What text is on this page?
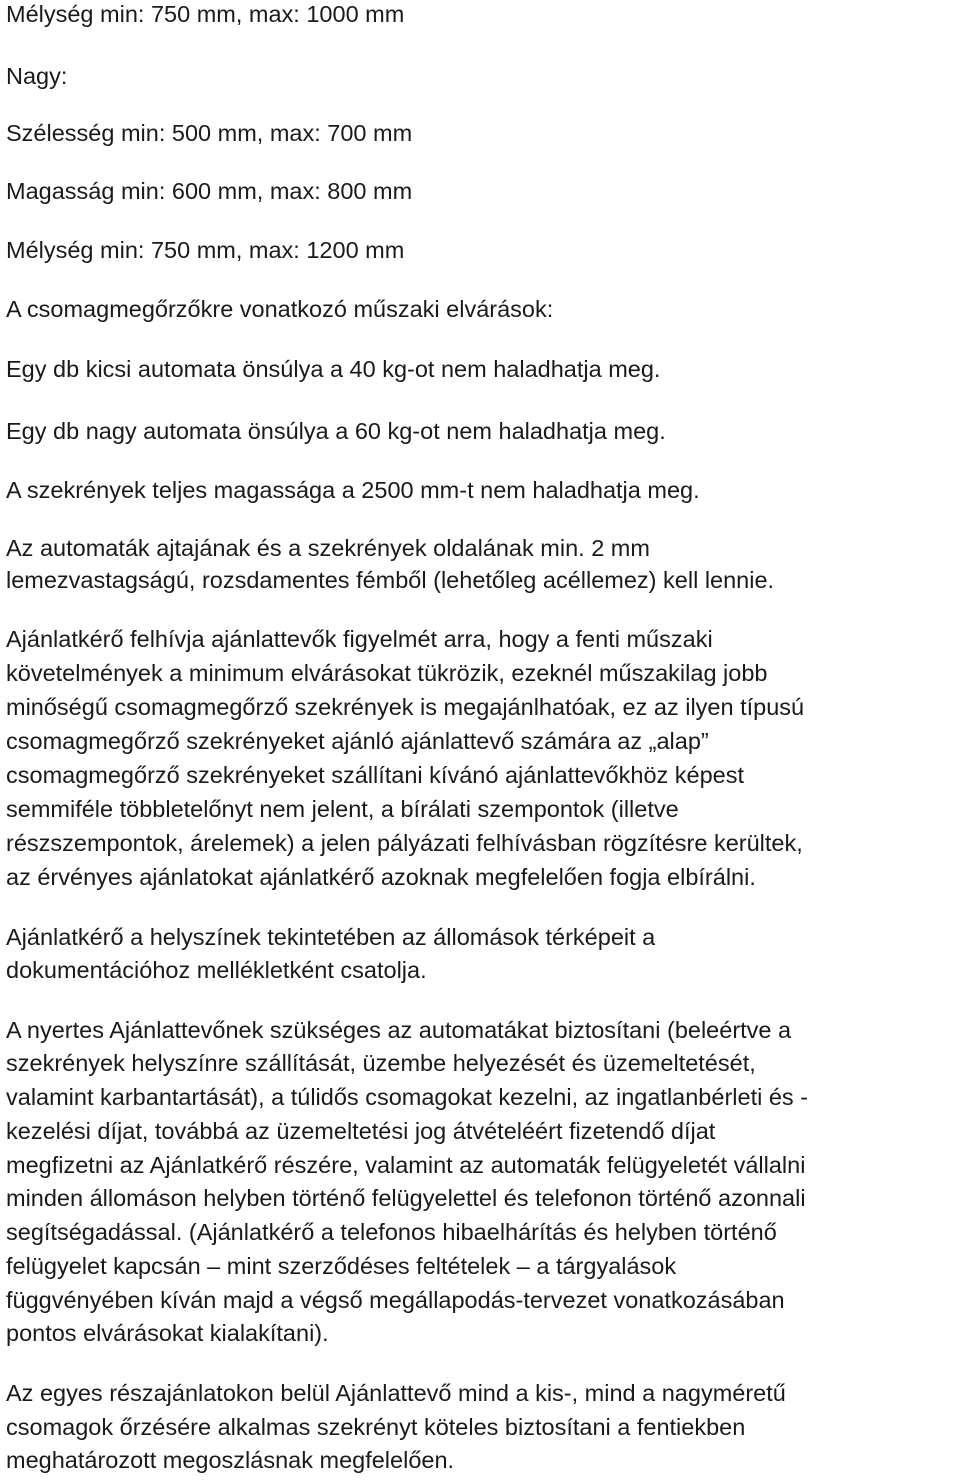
Mélység min: 750 mm, max: 1000 mm

Nagy:

Szélesség min: 500 mm, max: 700 mm

Magasság min: 600 mm, max: 800 mm

Mélység min: 750 mm, max: 1200 mm

A csomagmegőrzőkre vonatkozó műszaki elvárások:

Egy db kicsi automata önsúlya a 40 kg-ot nem haladhatja meg.

Egy db nagy automata önsúlya a 60 kg-ot nem haladhatja meg.

A szekrények teljes magassága a 2500 mm-t nem haladhatja meg.

Az automaták ajtajának és a szekrények oldalának min. 2 mm

lemezvastagságú, rozsdamentes fémből (lehetőleg acéllemez) kell lennie.

Ajánlatkérő felhívja ajánlattevők figyelmét arra, hogy a fenti műszaki

követelmények a minimum elvárásokat tükrözik, ezeknél műszakilag jobb

minőségű csomagmegőrző szekrények is megajánlhatóak, ez az ilyen típusú

csomagmegőrző szekrényeket ajánló ajánlattevő számára az „alap”

csomagmegőrző szekrényeket szállítani kívánó ajánlattevőkhöz képest

semmiféle többletelőnyt nem jelent, a bírálati szempontok (illetve

részszempontok, árelemek) a jelen pályázati felhívásban rögzítésre kerültek,

az érvényes ajánlatokat ajánlatkérő azoknak megfelelően fogja elbírálni.

Ajánlatkérő a helyszínek tekintetében az állomások térképeit a

dokumentációhoz mellékletként csatolja.

A nyertes Ajánlattevőnek szükséges az automatákat biztosítani (beleértve a

szekrények helyszínre szállítását, üzembe helyezését és üzemeltetését,

valamint karbantartását), a túlidős csomagokat kezelni, az ingatlanbérleti és -

kezelési díjat, továbbá az üzemeltetési jog átvételéért fizetendő díjat

megfizetni az Ajánlatkérő részére, valamint az automaták felügyeletét vállalni

minden állomáson helyben történő felügyelettel és telefonon történő azonnali

segítségadással. (Ajánlatkérő a telefonos hibaelhárítás és helyben történő

felügyelet kapcsán – mint szerződéses feltételek – a tárgyalások

függvényében kíván majd a végső megállapodás-tervezet vonatkozásában

pontos elvárásokat kialakítani).

Az egyes részajánlatokon belül Ajánlattevő mind a kis-, mind a nagyméretű

csomagok őrzésére alkalmas szekrényt köteles biztosítani a fentiekben

meghatározott megoszlásnak megfelelően.
